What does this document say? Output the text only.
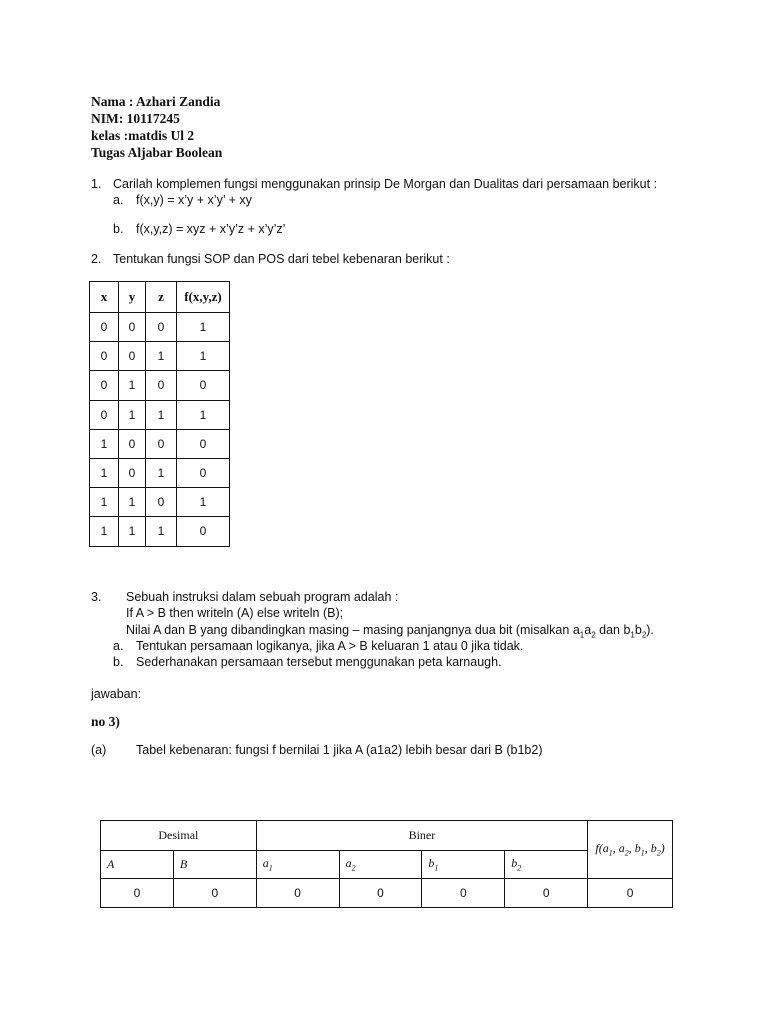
Nama : Azhari Zandia
NIM: 10117245
kelas :matdis Ul 2
Tugas Aljabar Boolean
1. Carilah komplemen fungsi menggunakan prinsip De Morgan dan Dualitas dari persamaan berikut :
a. f(x,y) = x’y + x’y’ + xy
b. f(x,y,z) = xyz + x’y’z + x’y’z’
2. Tentukan fungsi SOP dan POS dari tebel kebenaran berikut :
x	y	z	f(x,y,z)
0	0	0	1
0	0	1	1
0	1	0	0
0	1	1	1
1	0	0	0
1	0	1	0
1	1	0	1
1	1	1	0
3. Sebuah instruksi dalam sebuah program adalah :
If A > B then writeln (A) else writeln (B);
Nilai A dan B yang dibandingkan masing – masing panjangnya dua bit (misalkan $a_1a_2$ dan $b_1b_2$).
a. Tentukan persamaan logikanya, jika A > B keluaran 1 atau 0 jika tidak.
b. Sederhanakan persamaan tersebut menggunakan peta karnaugh.
jawaban:
no 3)
(a) Tabel kebenaran: fungsi f bernilai 1 jika A (a1a2) lebih besar dari B (b1b2)
Desimal		Biner				$f(a_1$, $a_2$, $b_1$, $b_2$)
A	B	$a_1$	$a_2$	$b_1$	$b_2$
0	0	0	0	0	0	0
